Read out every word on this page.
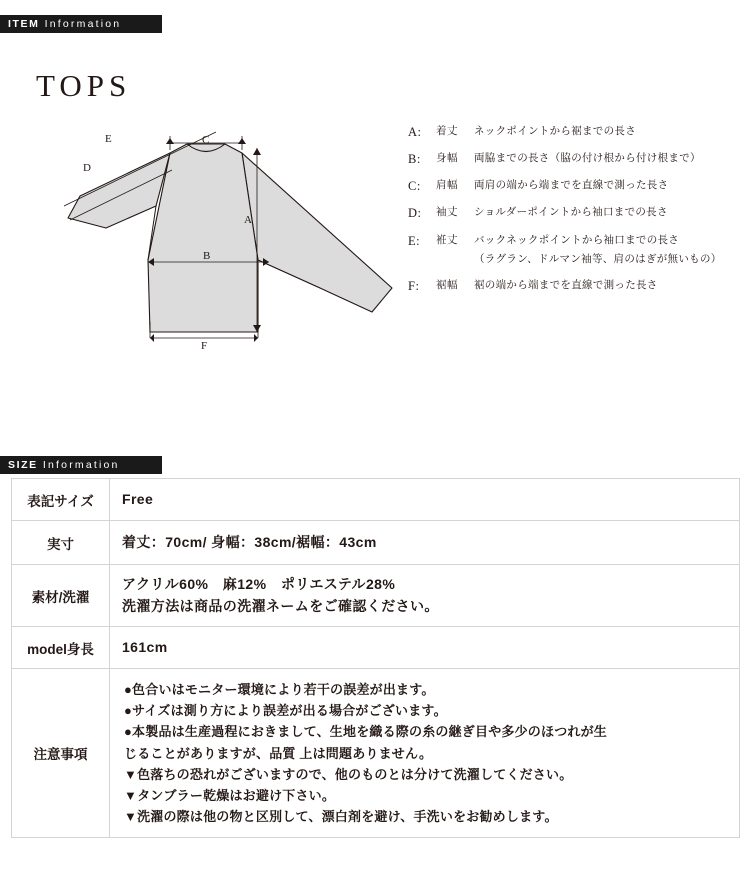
ITEM Information
TOPS
E	C
D
B
A
F
A:	着丈	ネックポイントから裾までの長さ
B:	身幅	両脇までの長さ（脇の付け根から付け根まで）
C:	肩幅	両肩の端から端までを直線で測った長さ
D:	袖丈	ショルダーポイントから袖口までの長さ
E:	袵丈	バックネックポイントから袖口までの長さ
（ラグラン、ドルマン袖等、肩のはぎが無いもの）
F:	裾幅	裾の端から端までを直線で測った長さ
SIZE Information
表記サイズ	Free

実寸	着丈：70cm/ 身幅：38cm/裾幅：43cm

素材/洗濯	アクリル60%　麻12%　ポリエステル28%
洗濯方法は商品の洗濯ネームをご確認ください。

model身長	161cm

注意事項	
●色合いはモニター環境により若干の誤差が出ます。
●サイズは測り方により誤差が出る場合がございます。
●本製品は生産過程におきまして、生地を織る際の糸の継ぎ目や多少のほつれが生
じることがありますが、品質 上は問題ありません。
▼色落ちの恐れがございますので、他のものとは分けて洗濯してください。
▼タンブラー乾燥はお避け下さい。
▼洗濯の際は他の物と区別して、漂白剤を避け、手洗いをお勧めします。
